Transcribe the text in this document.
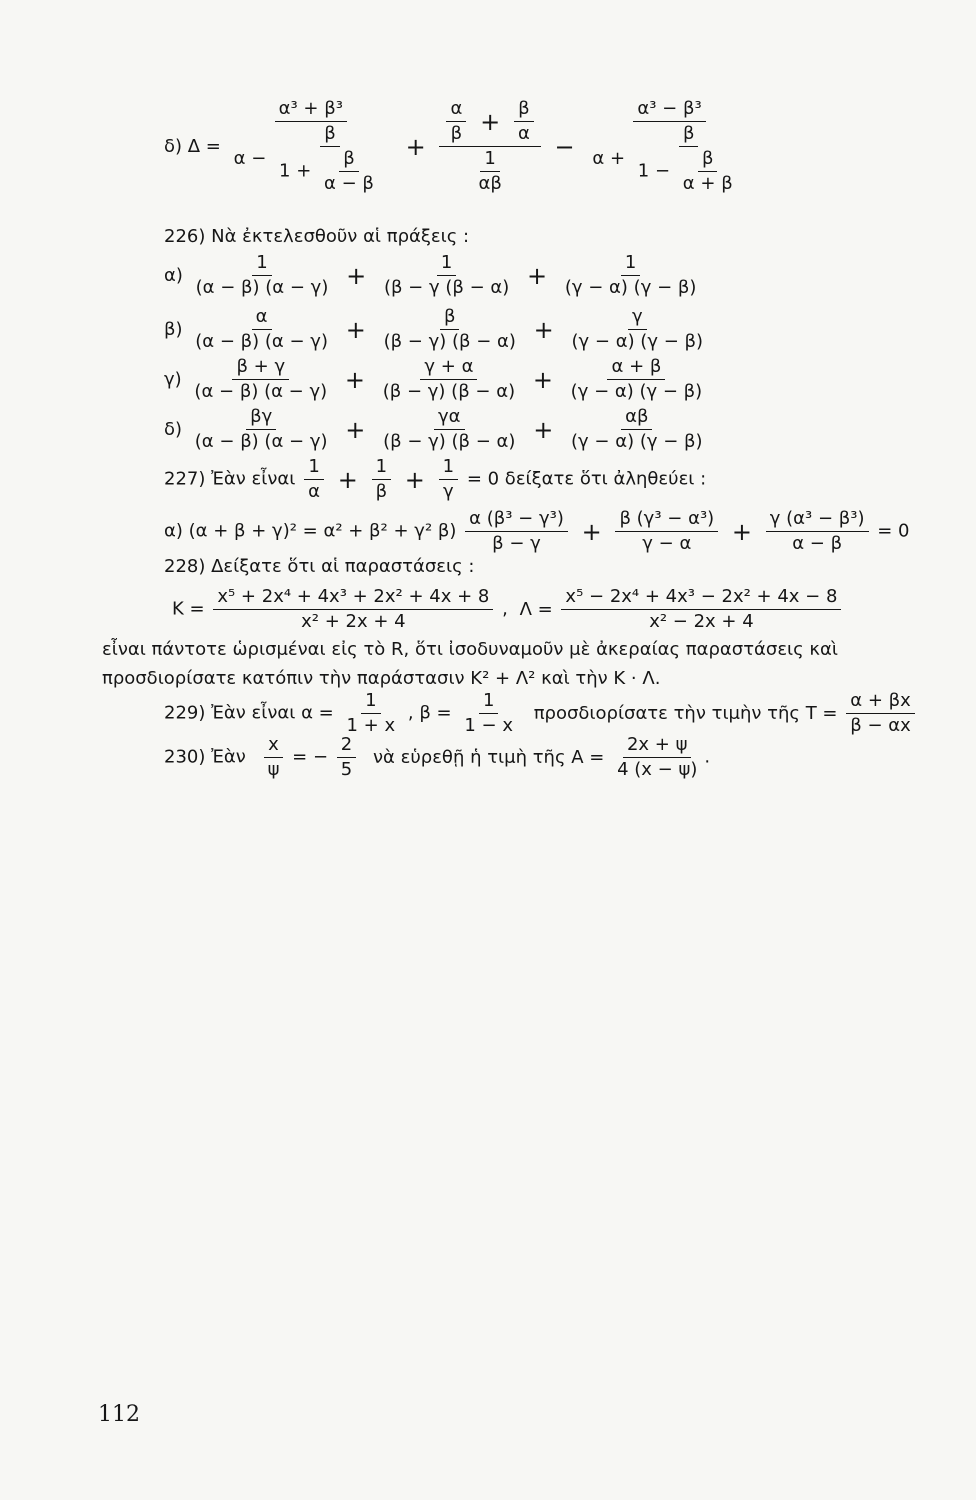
δ) Δ =
α³ + β³
$\alpha - \frac{\beta}{1 + \frac{\beta}{\alpha - \beta}} + \frac{\frac{\alpha}{\beta} + \frac{\beta}{\alpha}}{\frac{1}{\alpha\beta}}$ −
α³ − β³
$\alpha + \frac{\beta}{1 - \frac{\beta}{\alpha + \beta}}$
226) Νὰ ἐκτελεσθοῦν αἱ πράξεις :
$\alpha) \frac{1}{(\alpha - \beta) (\alpha - \gamma)} + \frac{1}{(\beta - \gamma (\beta - \alpha)} + \frac{1}{(\gamma - \alpha) (\gamma - \beta)}$
$\beta) \frac{\alpha}{(\alpha - \beta) (\alpha - \gamma)} + \frac{\beta}{(\beta - \gamma) (\beta - \alpha)} + \frac{\gamma}{(\gamma - \alpha) (\gamma - \beta)}$
$\gamma) \frac{\beta + \gamma}{(\alpha - \beta) (\alpha - \gamma)} + \frac{\gamma + \alpha}{(\beta - \gamma) (\beta - \alpha)} + \frac{\alpha + \beta}{(\gamma - \alpha) (\gamma - \beta)}$
$\delta) \frac{\beta\gamma}{(\alpha - \beta) (\alpha - \gamma)} + \frac{\gamma\alpha}{(\beta - \gamma) (\beta - \alpha)} + \frac{\alpha\beta}{(\gamma - \alpha) (\gamma - \beta)}$
227) Ἐὰν εἶναι $\frac{1}{\alpha} + \frac{1}{\beta} + \frac{1}{\gamma} = 0$ δείξατε ὅτι ἀληθεύει :
α) (α + β + γ)² = α² + β² + γ² $\beta) \frac{\text{α (β³ − γ³)}}{\beta - \gamma} + \frac{\text{β (γ³ − α³)}}{\gamma - \alpha} + \frac{\text{γ (α³ − β³)}}{\alpha - \beta} = 0$
228) Δείξατε ὅτι αἱ παραστάσεις :
$K = \frac{\text{x⁵ + 2x⁴ + 4x³ + 2x² + 4x + 8}}{\text{x² + 2x + 4}}$ , $\Lambda = \frac{\text{x⁵ − 2x⁴ + 4x³ − 2x² + 4x − 8}}{\text{x² − 2x + 4}}$
εἶναι πάντοτε ὡρισμέναι εἰς τὸ R, ὅτι ἰσοδυναμοῦν μὲ ἀκεραίας παραστάσεις καὶ προσδιορίσατε κατόπιν τὴν παράστασιν K² + Λ² καὶ τὴν K · Λ.
229) Ἐὰν εἶναι $\alpha = \frac{1}{1 + x}$ , $\beta = \frac{1}{1 - x}$ προσδιορίσατε τὴν τιμὴν τῆς $T = \frac{\alpha + \beta x}{\beta - \alpha x}$
230) Ἐὰν $\frac{x}{\psi}$ = − $\frac{2}{5}$ νὰ εὑρεθῇ ἡ τιμὴ τῆς $A = \frac{2x + \psi}{4 (x - \psi)}$ .
112
